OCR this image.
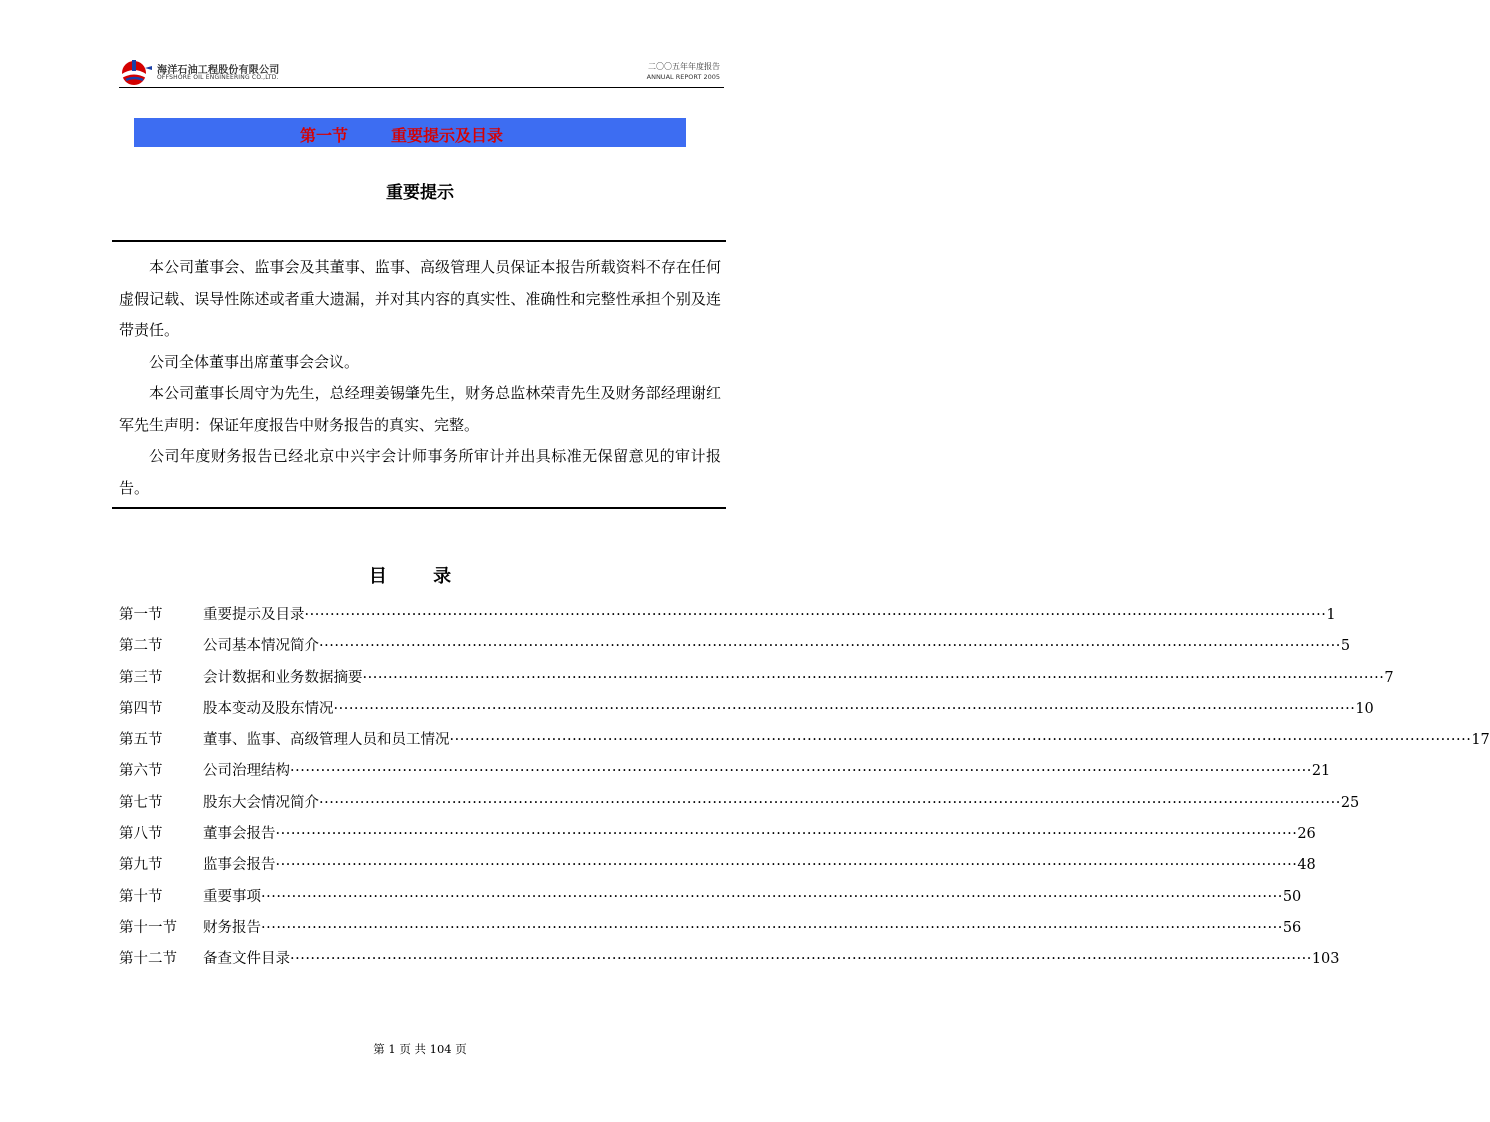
海洋石油工程股份有限公司
OFFSHORE OIL ENGINEERING CO.,LTD.
二〇〇五年年度报告
ANNUAL REPORT 2005
第一节	重要提示及目录
重要提示

本公司董事会、监事会及其董事、监事、高级管理人员保证本报告所载资料不存在任何虚假记载、误导性陈述或者重大遗漏，并对其内容的真实性、准确性和完整性承担个别及连带责任。

公司全体董事出席董事会会议。

本公司董事长周守为先生，总经理姜锡肇先生，财务总监林荣青先生及财务部经理谢红军先生声明：保证年度报告中财务报告的真实、完整。

公司年度财务报告已经北京中兴宇会计师事务所审计并出具标准无保留意见的审计报告。

目 录
第一节	重要提示及目录 ········································································································································································································ 1
第二节	公司基本情况简介 ········································································································································································································ 5
第三节	会计数据和业务数据摘要 ········································································································································································································ 7
第四节	股本变动及股东情况 ········································································································································································································ 10
第五节	董事、监事、高级管理人员和员工情况 ········································································································································································································ 17
第六节	公司治理结构 ········································································································································································································ 21
第七节	股东大会情况简介 ········································································································································································································ 25
第八节	董事会报告 ········································································································································································································ 26
第九节	监事会报告 ········································································································································································································ 48
第十节	重要事项 ········································································································································································································ 50
第十一节 财务报告 ········································································································································································································ 56
第十二节 备查文件目录 ········································································································································································································ 103
第 1 页 共 104 页
